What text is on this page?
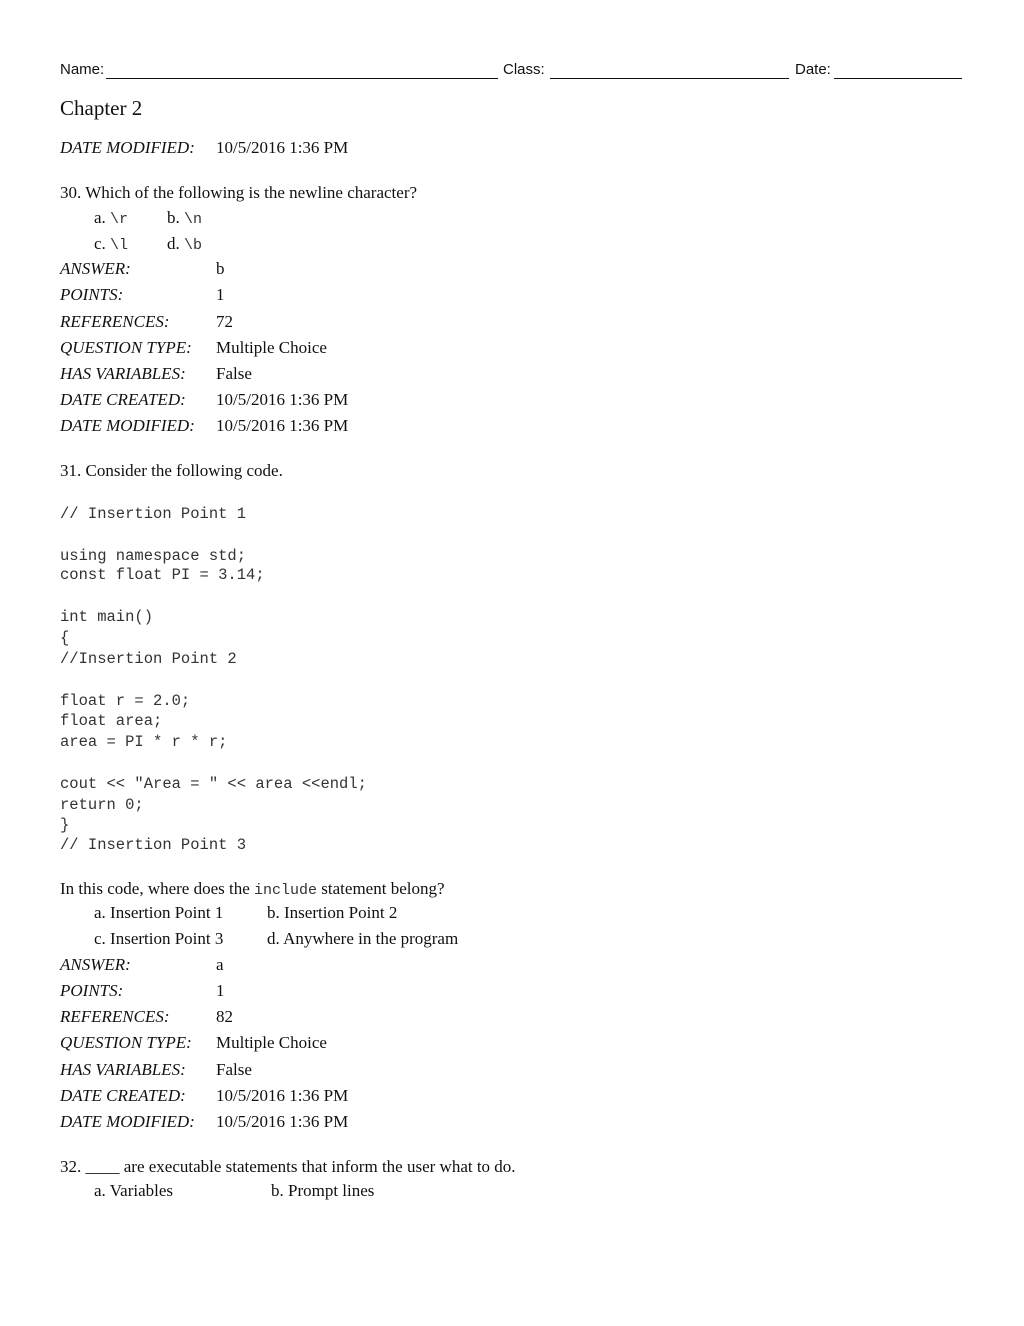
Name:	Class:	Date:
Chapter 2
DATE MODIFIED: 10/5/2016 1:36 PM
30. Which of the following is the newline character?
a. \r b. \n
c. \l d. \b
ANSWER:	b
POINTS:	1
REFERENCES:	72
QUESTION TYPE: Multiple Choice
HAS VARIABLES: False
DATE CREATED: 10/5/2016 1:36 PM
DATE MODIFIED: 10/5/2016 1:36 PM
31. Consider the following code.
// Insertion Point 1
using namespace std;
const float PI = 3.14;
int main()
{
//Insertion Point 2
float r = 2.0;
float area;
area = PI * r * r;
cout << "Area = " << area <<endl;
return 0;
}
// Insertion Point 3
In this code, where does the include statement belong?
a. Insertion Point 1	b. Insertion Point 2
c. Insertion Point 3	d. Anywhere in the program
ANSWER:	a
POINTS:	1
REFERENCES:	82
QUESTION TYPE: Multiple Choice
HAS VARIABLES: False
DATE CREATED: 10/5/2016 1:36 PM
DATE MODIFIED: 10/5/2016 1:36 PM
32. ____ are executable statements that inform the user what to do.
a. Variables	b. Prompt lines
